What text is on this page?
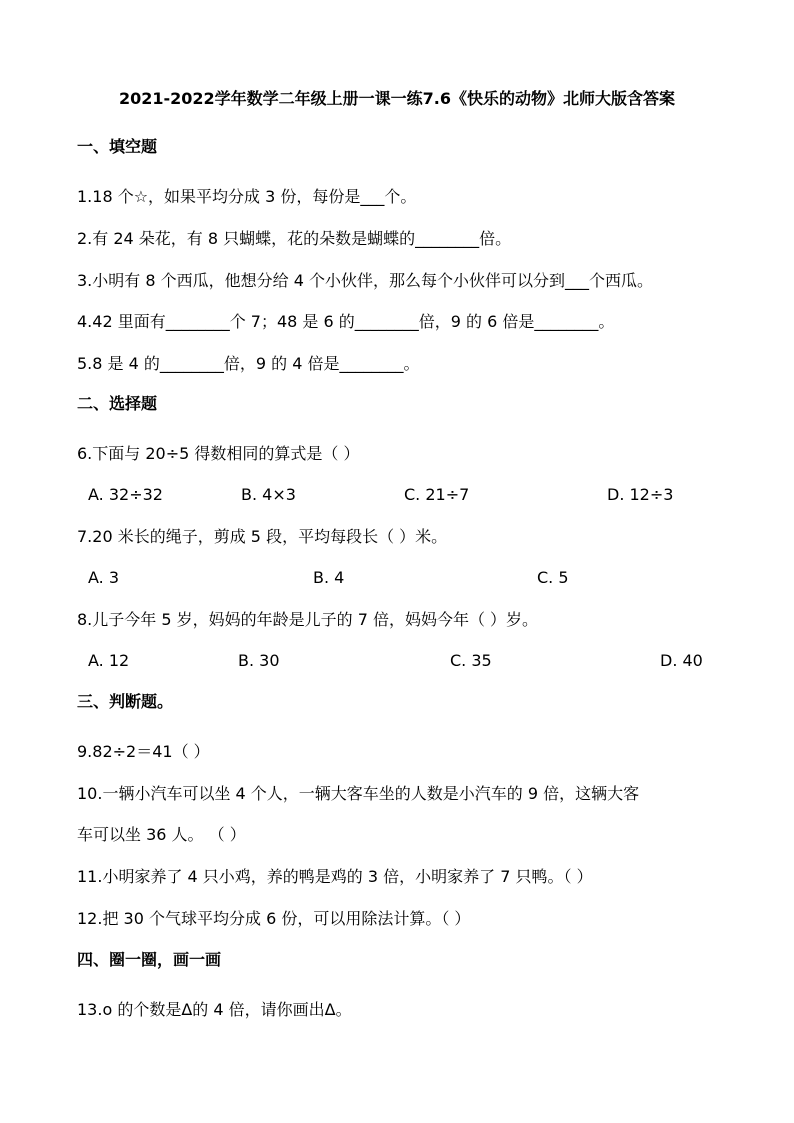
2021-2022学年数学二年级上册一课一练7.6《快乐的动物》北师大版含答案
一、填空题
1.18 个☆，如果平均分成 3 份，每份是___个。
2.有 24 朵花，有 8 只蝴蝶，花的朵数是蝴蝶的________倍。
3.小明有 8 个西瓜，他想分给 4 个小伙伴，那么每个小伙伴可以分到___个西瓜。
4.42 里面有________个 7；48 是 6 的________倍，9 的 6 倍是________。
5.8 是 4 的________倍，9 的 4 倍是________。
二、选择题
6.下面与 20÷5 得数相同的算式是（ ）
A. 32÷32	B. 4×3	C. 21÷7	D. 12÷3
7.20 米长的绳子，剪成 5 段，平均每段长（ ）米。
A. 3	B. 4	C. 5
8.儿子今年 5 岁，妈妈的年龄是儿子的 7 倍，妈妈今年（ ）岁。
A. 12	B. 30	C. 35	D. 40
三、判断题。
9.82÷2＝41（ ）
10.一辆小汽车可以坐 4 个人，一辆大客车坐的人数是小汽车的 9 倍，这辆大客
车可以坐 36 人。 （ ）
11.小明家养了 4 只小鸡，养的鸭是鸡的 3 倍，小明家养了 7 只鸭。（ ）
12.把 30 个气球平均分成 6 份，可以用除法计算。（ ）
四、圈一圈，画一画
13.o 的个数是Δ的 4 倍，请你画出Δ。
